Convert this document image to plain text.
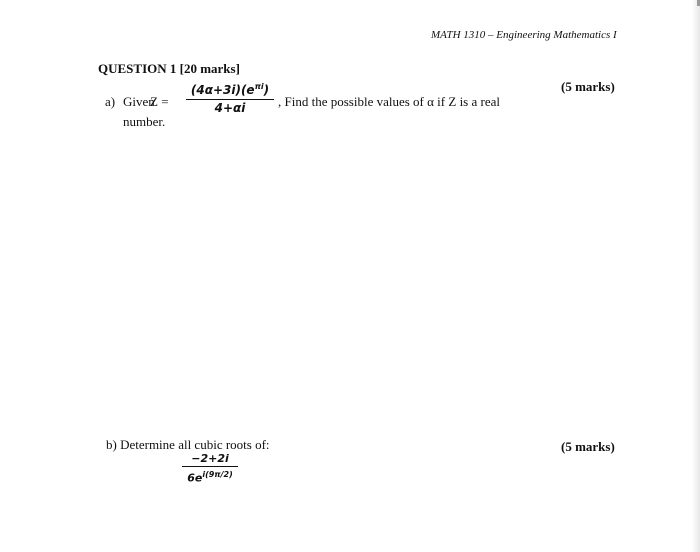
MATH 1310 – Engineering Mathematics I
QUESTION 1 [20 marks]
(5 marks)
a) Given
Z =
$(4\alpha+3i)(e^{\pi i})$
4+αi	, Find the possible values of α if Z is a real
number.
(5 marks)
b) Determine all cubic roots of:
−2+2i
$6e^{i(9\pi/2)}$
